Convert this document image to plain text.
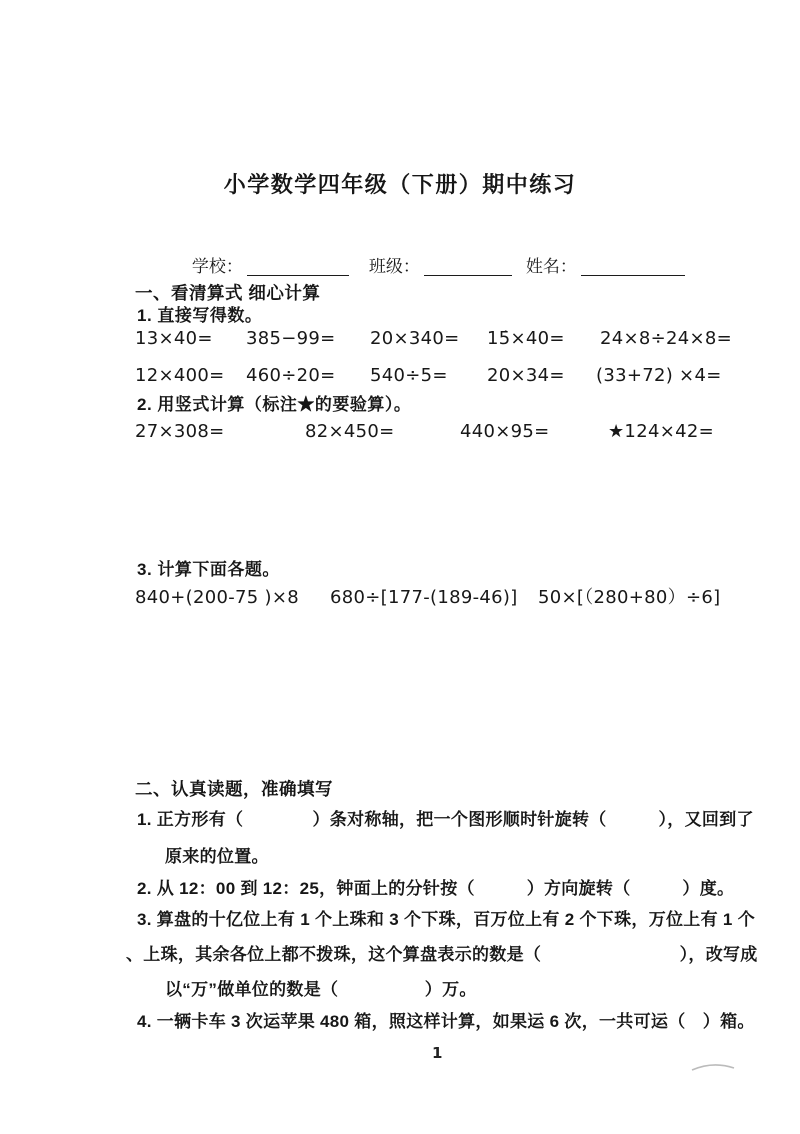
小学数学四年级（下册）期中练习

学校：
	班级：
	姓名：

一、看清算式 细心计算
1. 直接写得数。
13×40= 385−99= 20×340= 15̇×40= 24×8÷24×8=
12×400= 460÷20= 540÷5= 20×34= (33+72) ×4=
2. 用竖式计算（标注★的要验算）。
27×308=	82×450=	440×95=	★124×42=
3. 计算下面各题。
840+(200-75 )×8 680÷[177-(189-46)] 50×[（280+80）÷6]
二、认真读题，准确填写
1. 正方形有（　　　　）条对称轴，把一个图形顺时针旋转（　　　），又回到了
原来的位置。
2. 从 12：00 到 12：25，钟面上的分针按（　　　）方向旋转（　　　）度。
3. 算盘的十亿位上有 1 个上珠和 3 个下珠，百万位上有 2 个下珠，万位上有 1 个
、上珠，其余各位上都不拨珠，这个算盘表示的数是（　　　　　　　　），改写成
以“万”做单位的数是（　　　　　）万。
4. 一辆卡车 3 次运苹果 480 箱，照这样计算，如果运 6 次，一共可运（　）箱。
1
